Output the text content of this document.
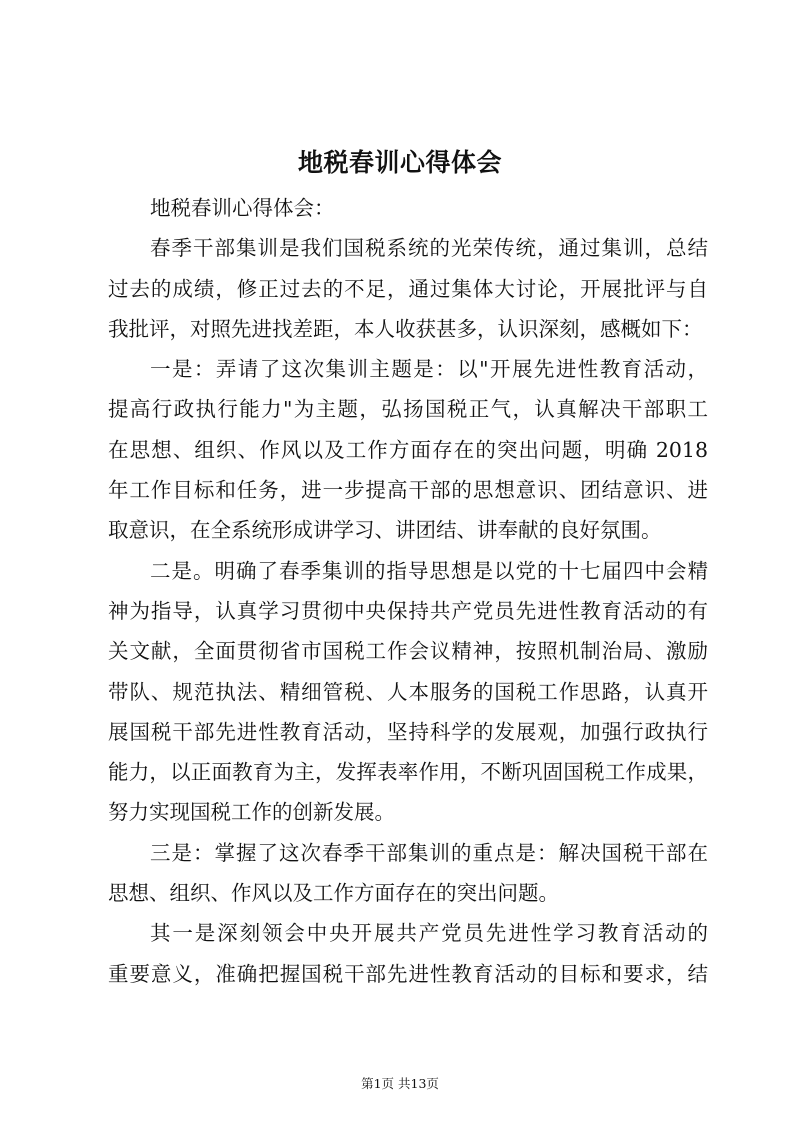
地税春训心得体会
地税春训心得体会：
春季干部集训是我们国税系统的光荣传统，通过集训，总结
过去的成绩，修正过去的不足，通过集体大讨论，开展批评与自
我批评，对照先进找差距，本人收获甚多，认识深刻，感概如下：
一是：弄请了这次集训主题是：以"开展先进性教育活动，
提高行政执行能力"为主题，弘扬国税正气，认真解决干部职工
在思想、组织、作风以及工作方面存在的突出问题，明确 2018
年工作目标和任务，进一步提高干部的思想意识、团结意识、进
取意识，在全系统形成讲学习、讲团结、讲奉献的良好氛围。
二是。明确了春季集训的指导思想是以党的十七届四中会精
神为指导，认真学习贯彻中央保持共产党员先进性教育活动的有
关文献，全面贯彻省市国税工作会议精神，按照机制治局、激励
带队、规范执法、精细管税、人本服务的国税工作思路，认真开
展国税干部先进性教育活动，坚持科学的发展观，加强行政执行
能力，以正面教育为主，发挥表率作用，不断巩固国税工作成果，
努力实现国税工作的创新发展。
三是：掌握了这次春季干部集训的重点是：解决国税干部在
思想、组织、作风以及工作方面存在的突出问题。
其一是深刻领会中央开展共产党员先进性学习教育活动的
重要意义，准确把握国税干部先进性教育活动的目标和要求，结
第1页 共13页
